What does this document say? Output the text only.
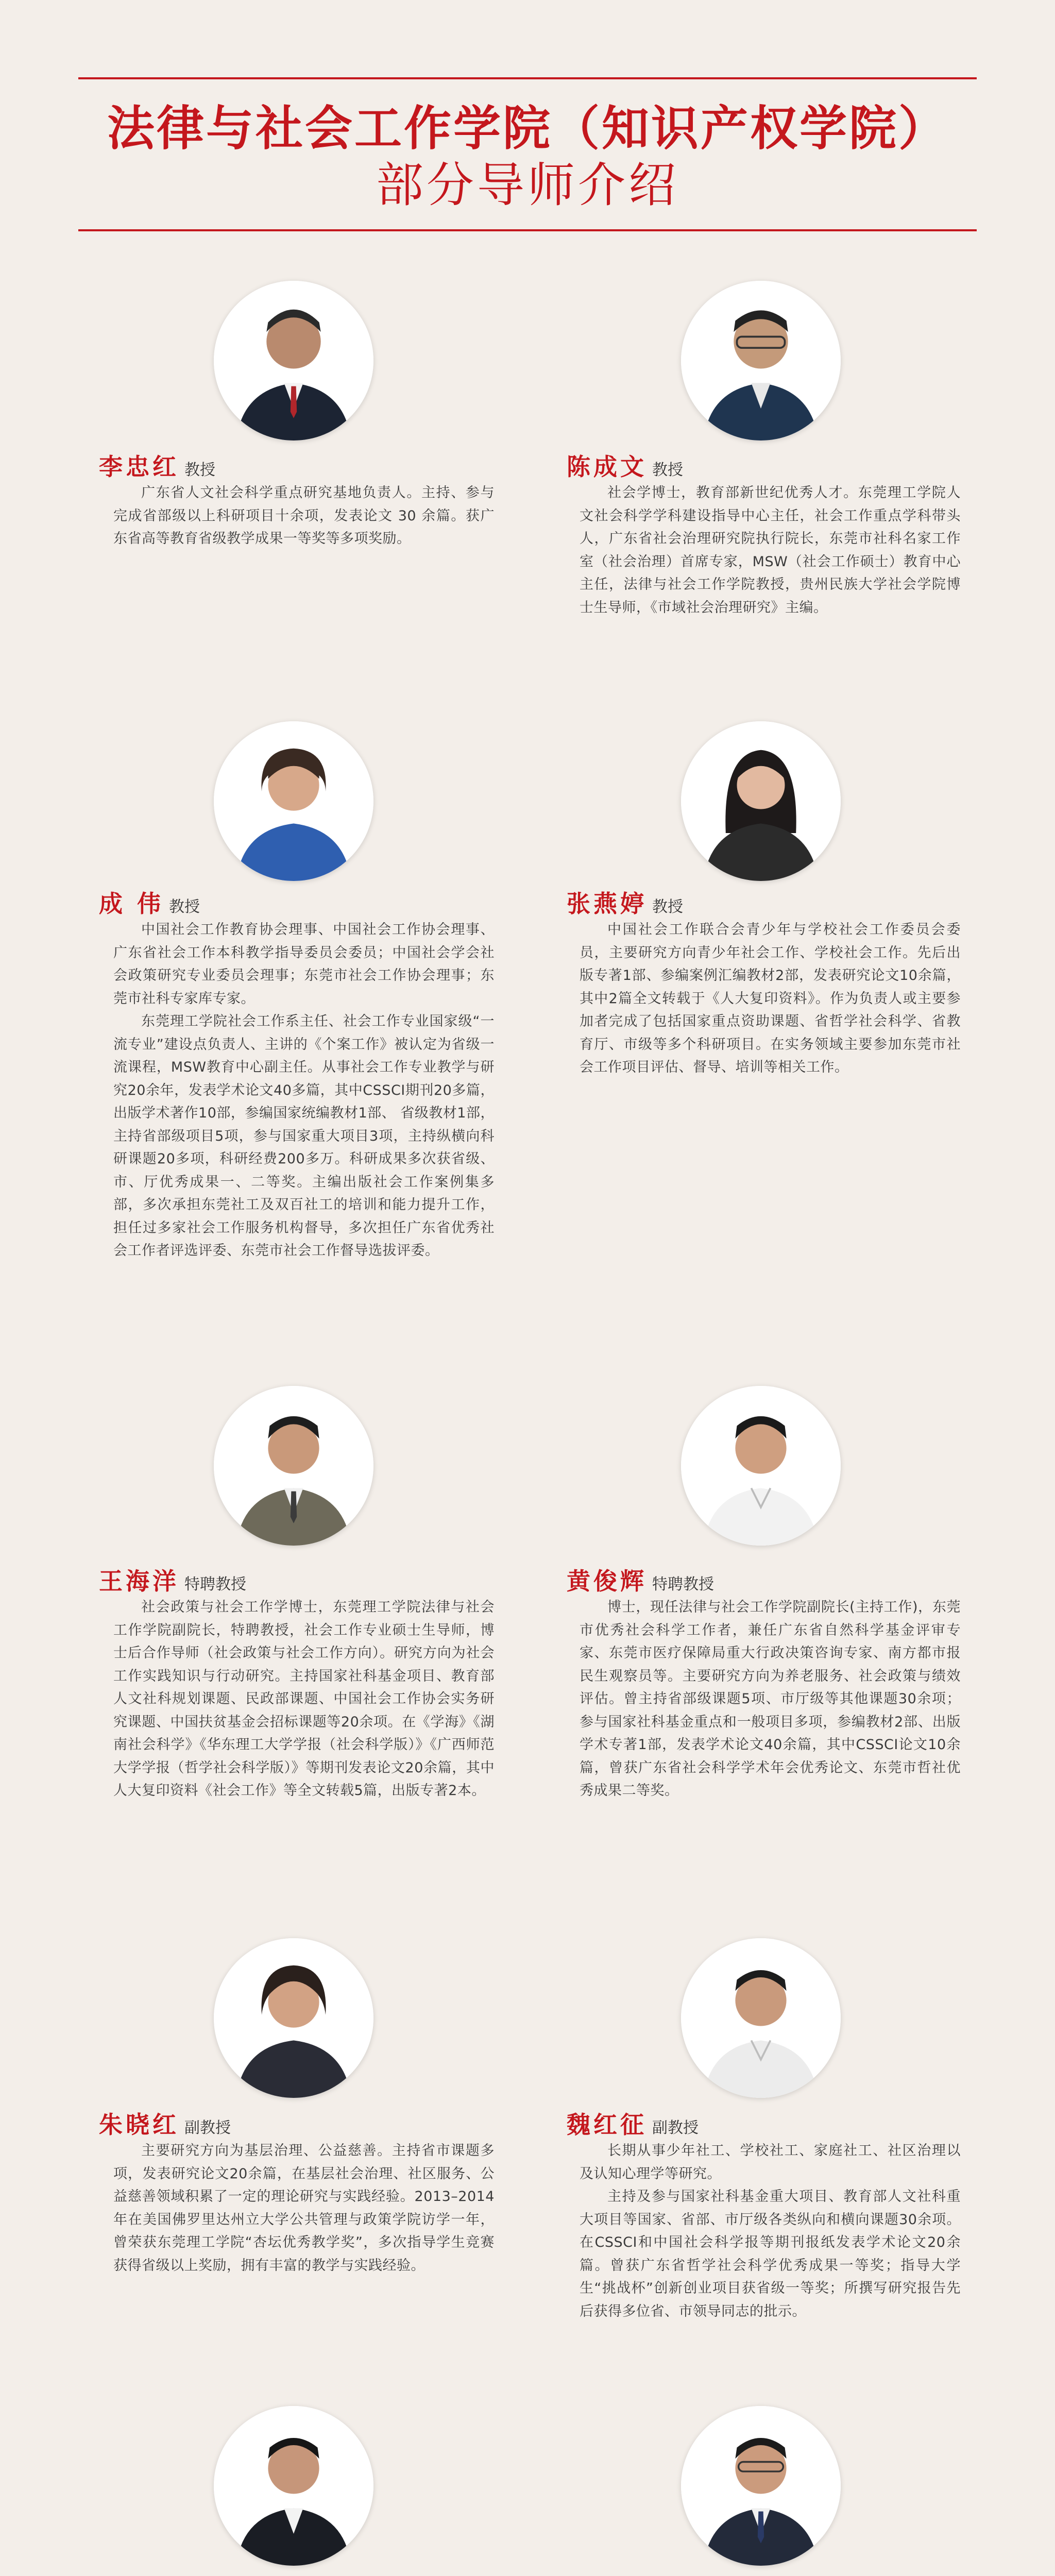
法律与社会工作学院（知识产权学院）
部分导师介绍
李忠红 教授

广东省人文社会科学重点研究基地负责人。主持、参与完成省部级以上科研项目十余项，发表论文 30 余篇。获广东省高等教育省级教学成果一等奖等多项奖励。

陈成文 教授

社会学博士，教育部新世纪优秀人才。东莞理工学院人文社会科学学科建设指导中心主任，社会工作重点学科带头人，广东省社会治理研究院执行院长，东莞市社科名家工作室（社会治理）首席专家，MSW（社会工作硕士）教育中心主任，法律与社会工作学院教授，贵州民族大学社会学院博士生导师，《市域社会治理研究》主编。

成 伟 教授

中国社会工作教育协会理事、中国社会工作协会理事、广东省社会工作本科教学指导委员会委员；中国社会学会社会政策研究专业委员会理事；东莞市社会工作协会理事；东莞市社科专家库专家。

东莞理工学院社会工作系主任、社会工作专业国家级“一流专业”建设点负责人、主讲的《个案工作》被认定为省级一流课程，MSW教育中心副主任。从事社会工作专业教学与研究20余年，发表学术论文40多篇，其中CSSCI期刊20多篇，出版学术著作10部，参编国家统编教材1部、 省级教材1部，主持省部级项目5项，参与国家重大项目3项，主持纵横向科研课题20多项，科研经费200多万。科研成果多次获省级、市、厅优秀成果一、二等奖。主编出版社会工作案例集多部，多次承担东莞社工及双百社工的培训和能力提升工作，担任过多家社会工作服务机构督导，多次担任广东省优秀社会工作者评选评委、东莞市社会工作督导选拔评委。

张燕婷 教授

中国社会工作联合会青少年与学校社会工作委员会委员，主要研究方向青少年社会工作、学校社会工作。先后出版专著1部、参编案例汇编教材2部，发表研究论文10余篇，其中2篇全文转载于《人大复印资料》。作为负责人或主要参加者完成了包括国家重点资助课题、省哲学社会科学、省教育厅、市级等多个科研项目。在实务领域主要参加东莞市社会工作项目评估、督导、培训等相关工作。

王海洋 特聘教授

社会政策与社会工作学博士，东莞理工学院法律与社会工作学院副院长，特聘教授，社会工作专业硕士生导师，博士后合作导师（社会政策与社会工作方向）。研究方向为社会工作实践知识与行动研究。主持国家社科基金项目、教育部人文社科规划课题、民政部课题、中国社会工作协会实务研究课题、中国扶贫基金会招标课题等20余项。在《学海》《湖南社会科学》《华东理工大学学报（社会科学版）》《广西师范大学学报（哲学社会科学版）》等期刊发表论文20余篇，其中人大复印资料《社会工作》等全文转载5篇，出版专著2本。

黄俊辉 特聘教授

博士，现任法律与社会工作学院副院长(主持工作)，东莞市优秀社会科学工作者，兼任广东省自然科学基金评审专家、东莞市医疗保障局重大行政决策咨询专家、南方都市报民生观察员等。主要研究方向为养老服务、社会政策与绩效评估。曾主持省部级课题5项、市厅级等其他课题30余项；参与国家社科基金重点和一般项目多项，参编教材2部、出版学术专著1部，发表学术论文40余篇，其中CSSCI论文10余篇，曾获广东省社会科学学术年会优秀论文、东莞市哲社优秀成果二等奖。

朱晓红 副教授

主要研究方向为基层治理、公益慈善。主持省市课题多项，发表研究论文20余篇，在基层社会治理、社区服务、公益慈善领域积累了一定的理论研究与实践经验。2013–2014年在美国佛罗里达州立大学公共管理与政策学院访学一年，曾荣获东莞理工学院“杏坛优秀教学奖”，多次指导学生竞赛获得省级以上奖励，拥有丰富的教学与实践经验。

魏红征 副教授

长期从事少年社工、学校社工、家庭社工、社区治理以及认知心理学等研究。

主持及参与国家社科基金重大项目、教育部人文社科重大项目等国家、省部、市厅级各类纵向和横向课题30余项。在CSSCI和中国社会科学报等期刊报纸发表学术论文20余篇。曾获广东省哲学社会科学优秀成果一等奖；指导大学生“挑战杯”创新创业项目获省级一等奖；所撰写研究报告先后获得多位省、市领导同志的批示。
